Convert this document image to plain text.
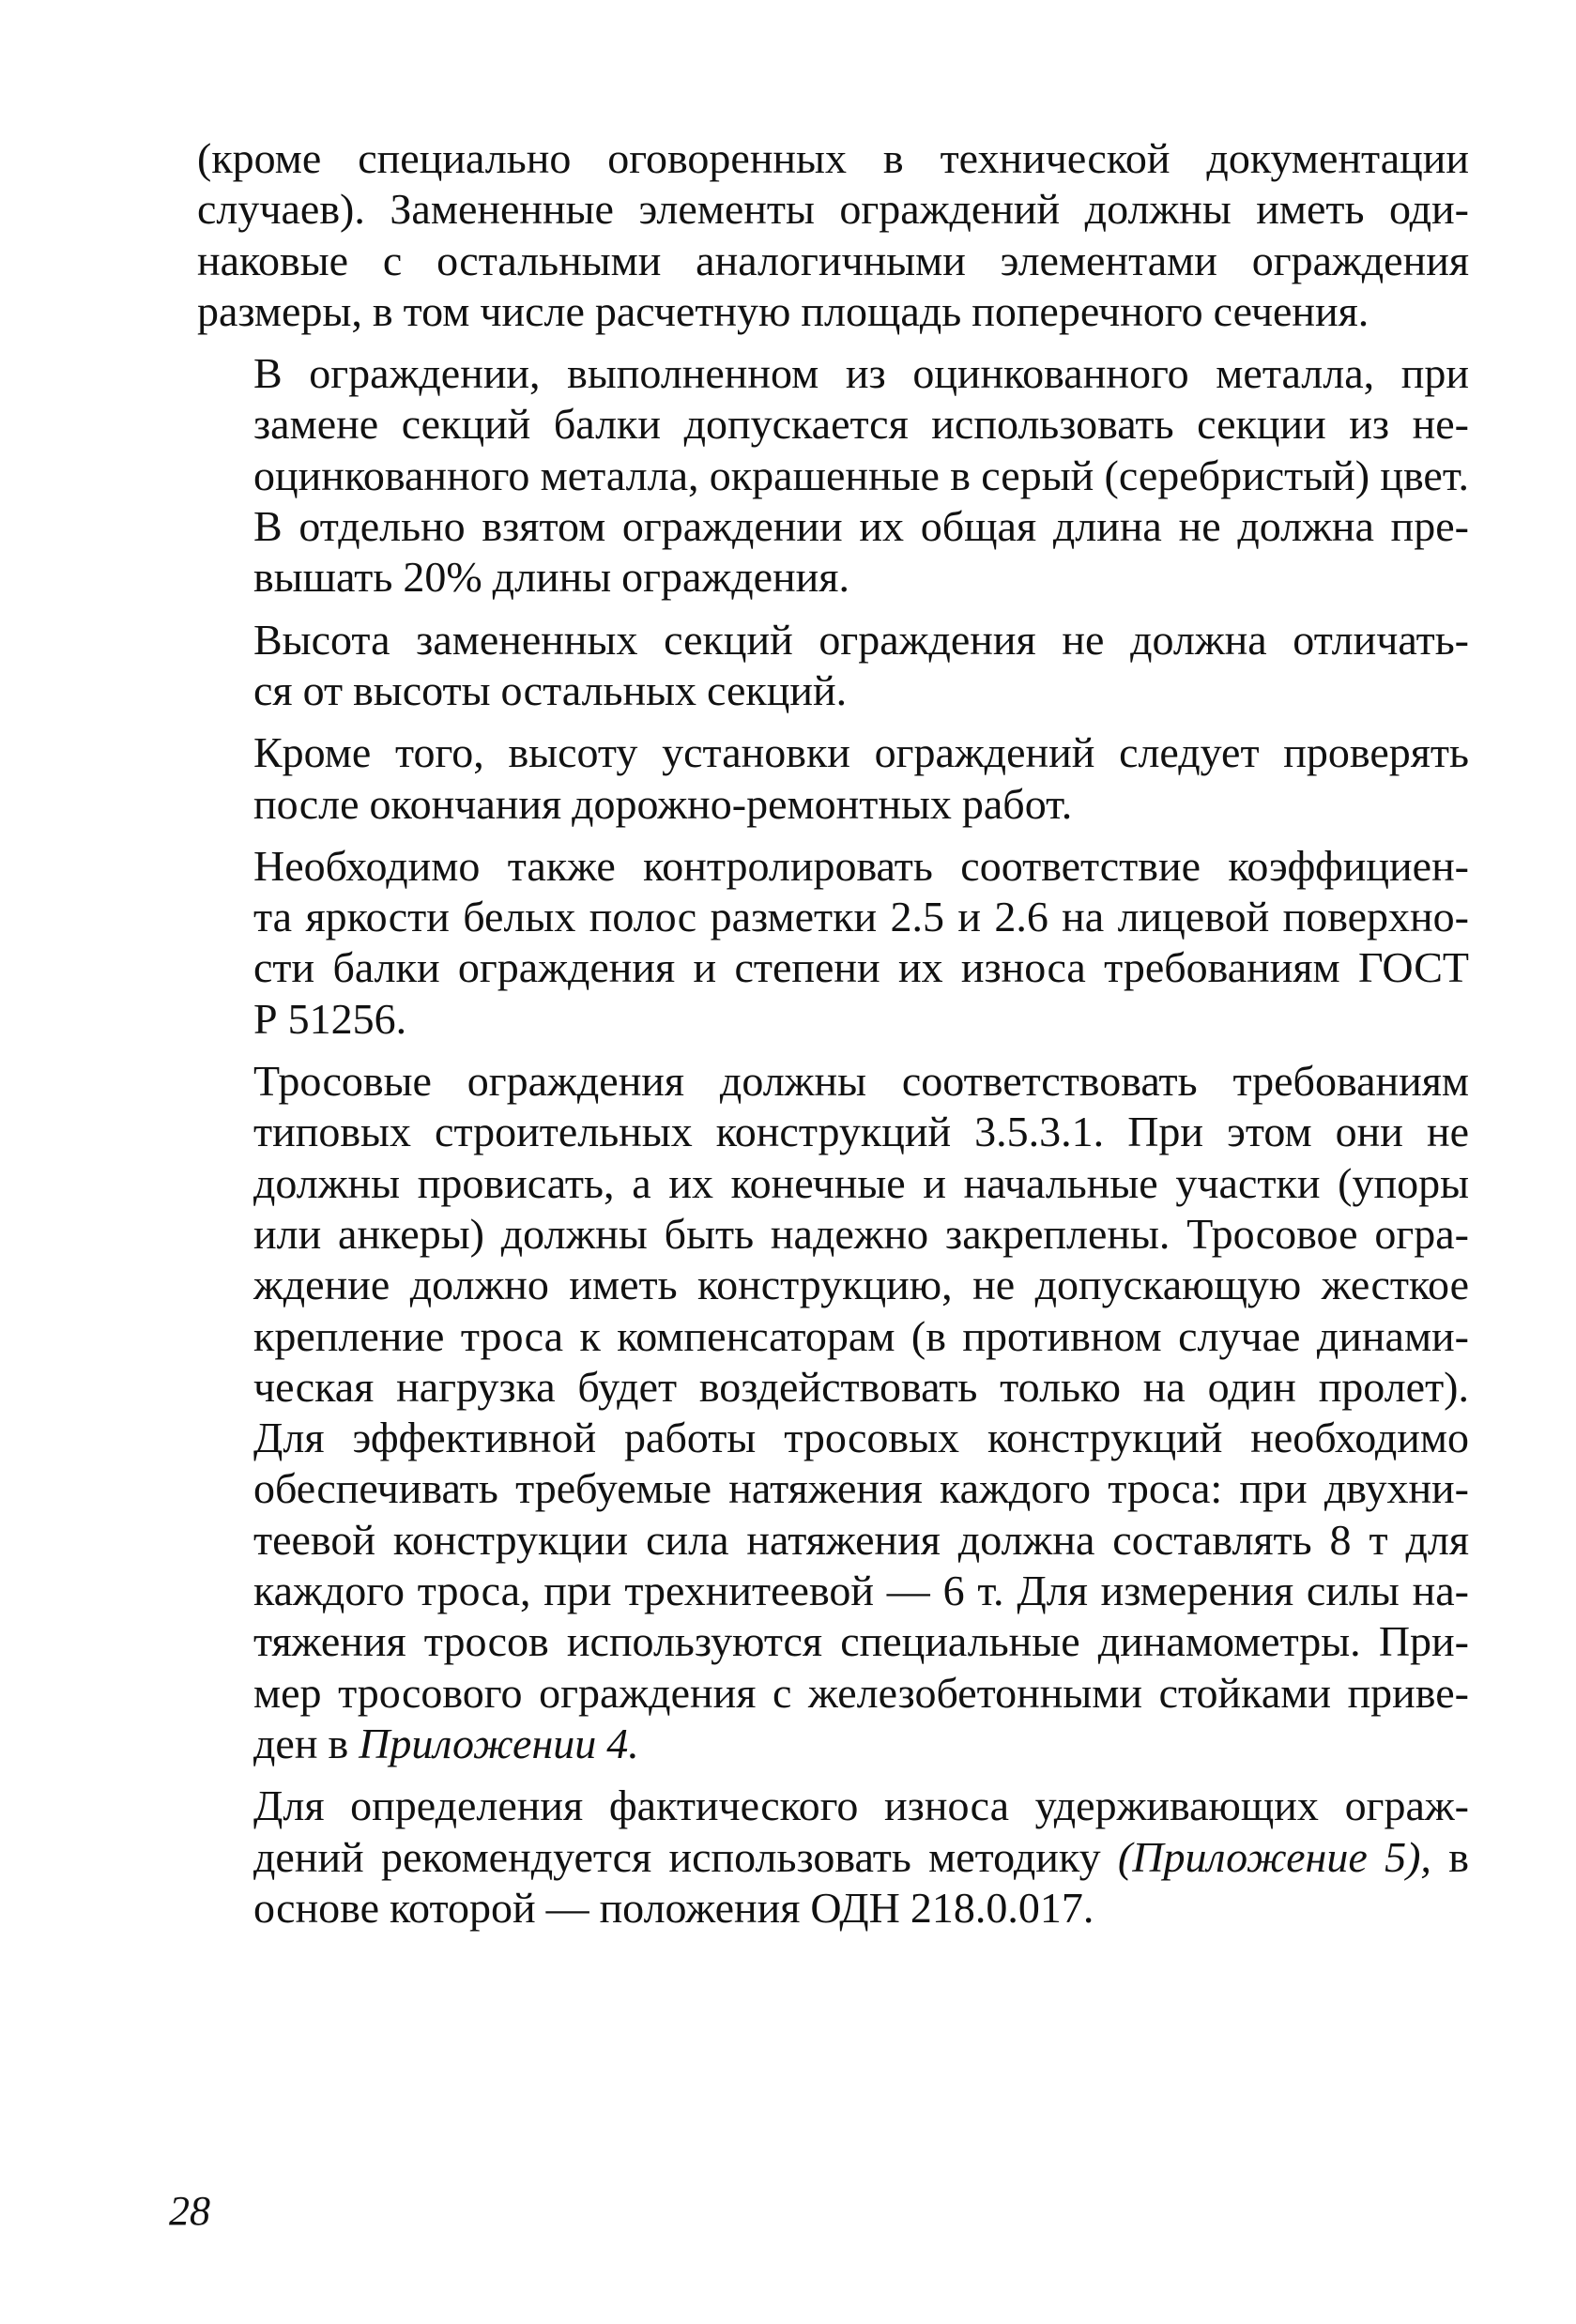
(кроме специально оговоренных в технической документации
случаев). Замененные элементы ограждений должны иметь оди-
наковые с остальными аналогичными элементами ограждения
размеры, в том числе расчетную площадь поперечного сечения.

В ограждении, выполненном из оцинкованного металла, при
замене секций балки допускается использовать секции из не-
оцинкованного металла, окрашенные в серый (серебристый) цвет.
В отдельно взятом ограждении их общая длина не должна пре-
вышать 20% длины ограждения.

Высота замененных секций ограждения не должна отличать-
ся от высоты остальных секций.

Кроме того, высоту установки ограждений следует проверять
после окончания дорожно-ремонтных работ.

Необходимо также контролировать соответствие коэффициен-
та яркости белых полос разметки 2.5 и 2.6 на лицевой поверхно-
сти балки ограждения и степени их износа требованиям ГОСТ
Р 51256.

Тросовые ограждения должны соответствовать требованиям
типовых строительных конструкций 3.5.3.1. При этом они не
должны провисать, а их конечные и начальные участки (упоры
или анкеры) должны быть надежно закреплены. Тросовое огра-
ждение должно иметь конструкцию, не допускающую жесткое
крепление троса к компенсаторам (в противном случае динами-
ческая нагрузка будет воздействовать только на один пролет).
Для эффективной работы тросовых конструкций необходимо
обеспечивать требуемые натяжения каждого троса: при двухни-
теевой конструкции сила натяжения должна составлять 8 т для
каждого троса, при трехнитеевой — 6 т. Для измерения силы на-
тяжения тросов используются специальные динамометры. При-
мер тросового ограждения с железобетонными стойками приве-
ден в Приложении 4.

Для определения фактического износа удерживающих ограж-
дений рекомендуется использовать методику (Приложение 5), в
основе которой — положения ОДН 218.0.017.

28
